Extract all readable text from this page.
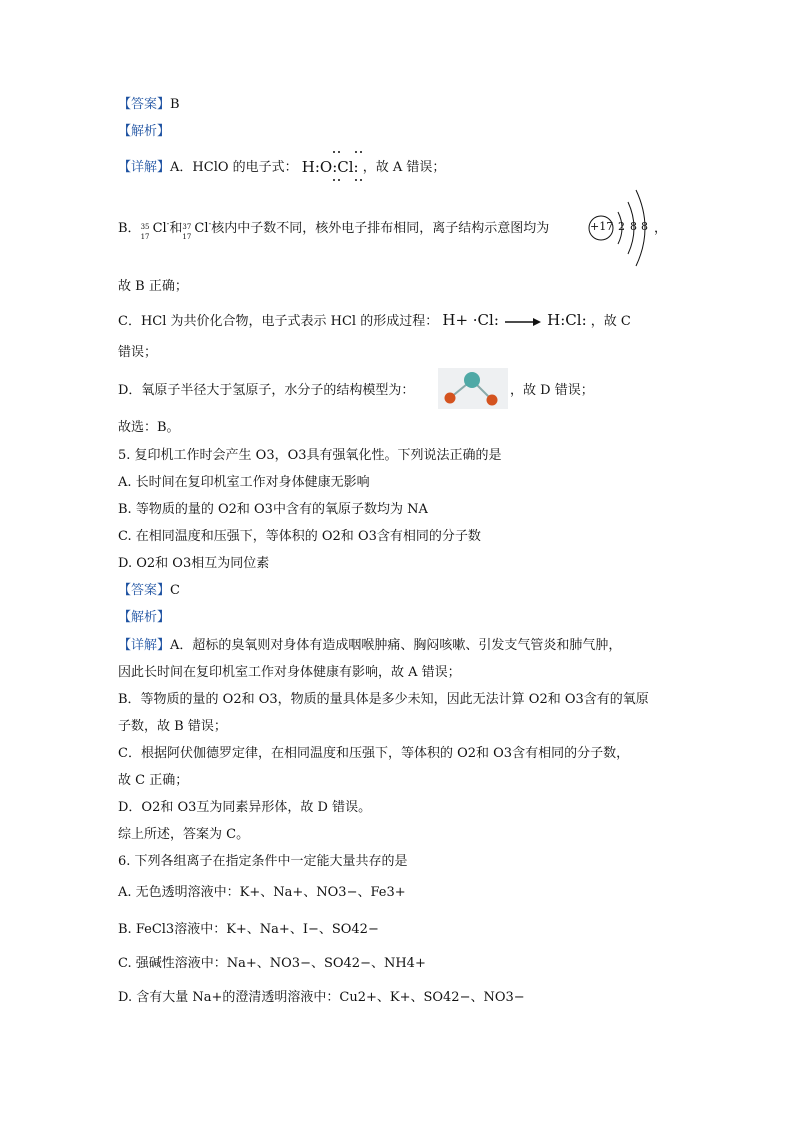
【答案】B
【解析】
【详解】A．HClO 的电子式： H:O:Cl: ，故 A 错误；
B． 35
17
Cl-和 37
17
Cl-核内中子数不同，核外电子排布相同，离子结构示意图均为	+17 2 8 8 ，
故 B 正确；
C．HCl 为共价化合物，电子式表示 HCl 的形成过程： H+ ·Cl: → H:Cl: ，故 C
错误；
D．氧原子半径大于氢原子，水分子的结构模型为：	，故 D 错误；
故选：B。
5. 复印机工作时会产生 O3，O3具有强氧化性。下列说法正确的是
A. 长时间在复印机室工作对身体健康无影响
B. 等物质的量的 O2和 O3中含有的氧原子数均为 NA
C. 在相同温度和压强下，等体积的 O2和 O3含有相同的分子数
D. O2和 O3相互为同位素
【答案】C
【解析】
【详解】A．超标的臭氧则对身体有造成咽喉肿痛、胸闷咳嗽、引发支气管炎和肺气肿，
因此长时间在复印机室工作对身体健康有影响，故 A 错误；
B．等物质的量的 O2和 O3，物质的量具体是多少未知，因此无法计算 O2和 O3含有的氧原
子数，故 B 错误；
C．根据阿伏伽德罗定律，在相同温度和压强下，等体积的 O2和 O3含有相同的分子数，
故 C 正确；
D．O2和 O3互为同素异形体，故 D 错误。
综上所述，答案为 C。
6. 下列各组离子在指定条件中一定能大量共存的是
A. 无色透明溶液中：K+、Na+、NO3−、Fe3+
B. FeCl3溶液中：K+、Na+、I−、SO42−
C. 强碱性溶液中：Na+、NO3−、SO42−、NH4+
D. 含有大量 Na+的澄清透明溶液中：Cu2+、K+、SO42−、NO3−
